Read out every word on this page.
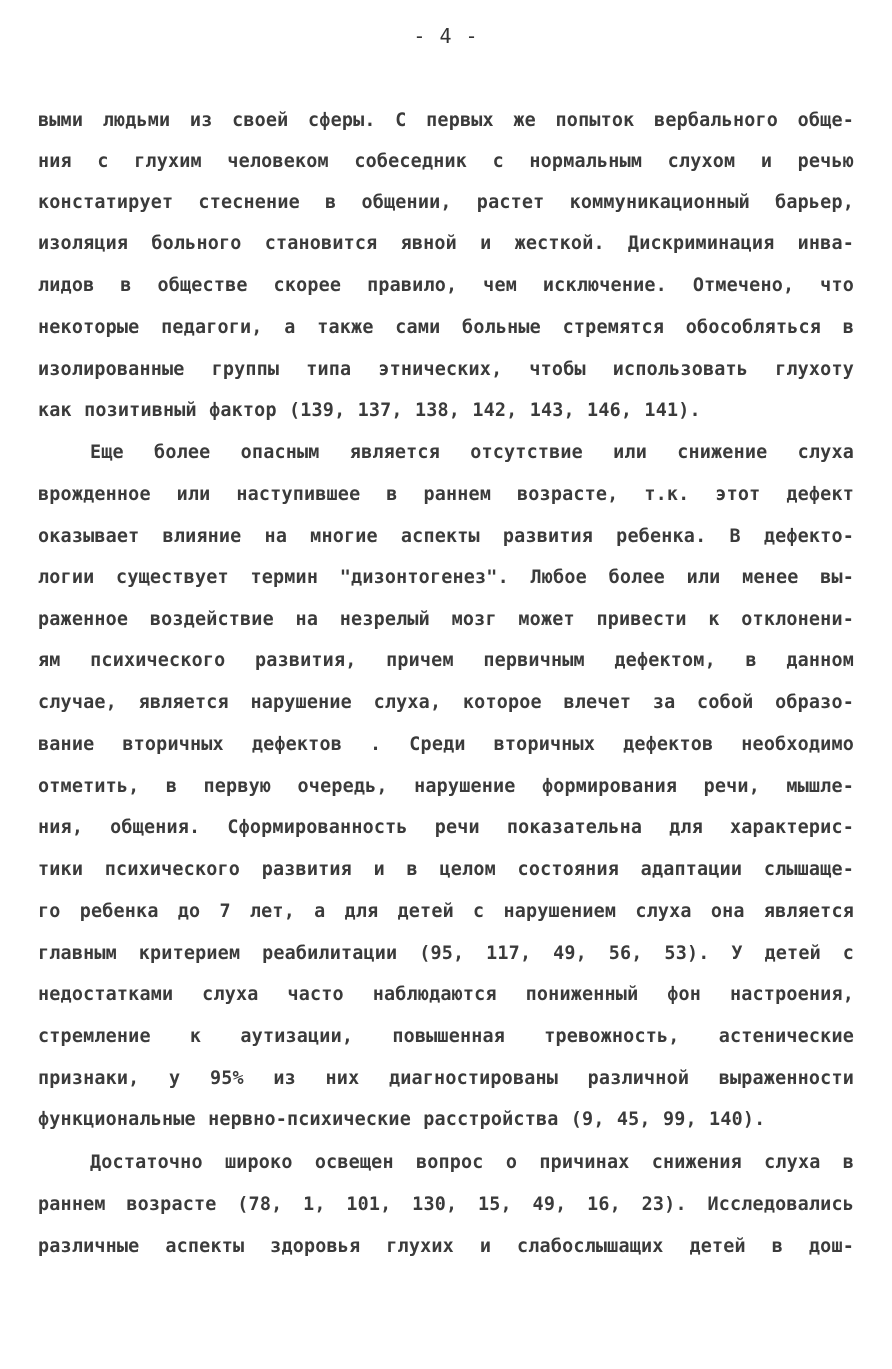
- 4 -
выми людьми из своей сферы. С первых же попыток вербального обще-
ния с глухим человеком собеседник с нормальным слухом и речью
констатирует стеснение в общении, растет коммуникационный барьер,
изоляция больного становится явной и жесткой. Дискриминация инва-
лидов в обществе скорее правило, чем исключение. Отмечено, что
некоторые педагоги, а также сами больные стремятся обособляться в
изолированные группы типа этнических, чтобы использовать глухоту
как позитивный фактор (139, 137, 138, 142, 143, 146, 141).
Еще более опасным является отсутствие или снижение слуха
врожденное или наступившее в раннем возрасте, т.к. этот дефект
оказывает влияние на многие аспекты развития ребенка. В дефекто-
логии существует термин "дизонтогенез". Любое более или менее вы-
раженное воздействие на незрелый мозг может привести к отклонени-
ям психического развития, причем первичным дефектом, в данном
случае, является нарушение слуха, которое влечет за собой образо-
вание вторичных дефектов . Среди вторичных дефектов необходимо
отметить, в первую очередь, нарушение формирования речи, мышле-
ния, общения. Сформированность речи показательна для характерис-
тики психического развития и в целом состояния адаптации слышаще-
го ребенка до 7 лет, а для детей с нарушением слуха она является
главным критерием реабилитации (95, 117, 49, 56, 53). У детей с
недостатками слуха часто наблюдаются пониженный фон настроения,
стремление к аутизации, повышенная тревожность, астенические
признаки, у 95% из них диагностированы различной выраженности
функциональные нервно-психические расстройства (9, 45, 99, 140).
Достаточно широко освещен вопрос о причинах снижения слуха в
раннем возрасте (78, 1, 101, 130, 15, 49, 16, 23). Исследовались
различные аспекты здоровья глухих и слабослышащих детей в дош-
